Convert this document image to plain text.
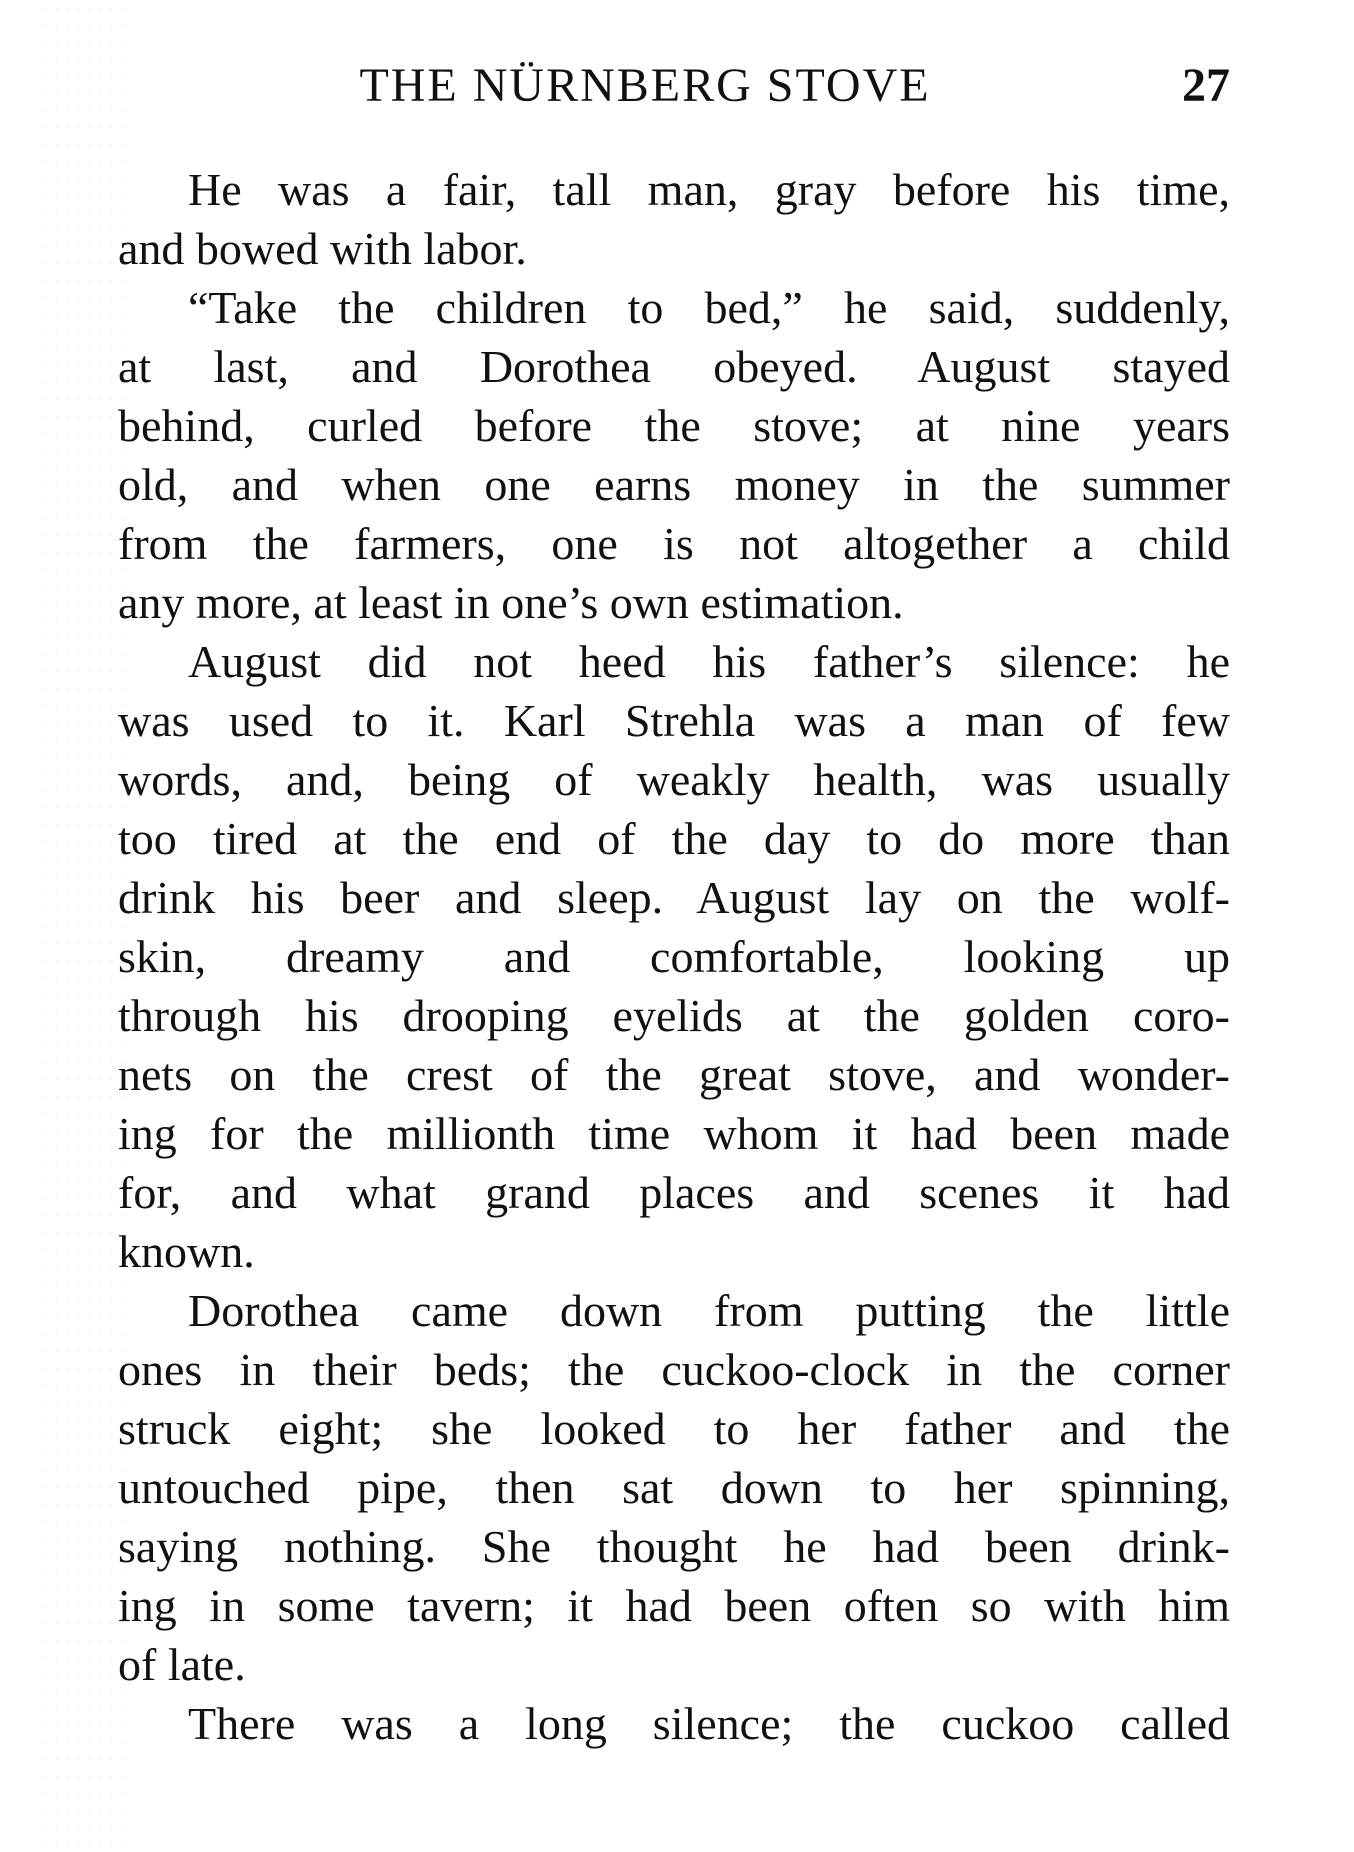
THE NÜRNBERG STOVE	27
He was a fair, tall man, gray before his time,
and bowed with labor.
“Take the children to bed,” he said, suddenly,
at last, and Dorothea obeyed. August stayed
behind, curled before the stove; at nine years
old, and when one earns money in the summer
from the farmers, one is not altogether a child
any more, at least in one’s own estimation.
August did not heed his father’s silence: he
was used to it. Karl Strehla was a man of few
words, and, being of weakly health, was usually
too tired at the end of the day to do more than
drink his beer and sleep. August lay on the wolf-
skin, dreamy and comfortable, looking up
through his drooping eyelids at the golden coro-
nets on the crest of the great stove, and wonder-
ing for the millionth time whom it had been made
for, and what grand places and scenes it had
known.
Dorothea came down from putting the little
ones in their beds; the cuckoo-clock in the corner
struck eight; she looked to her father and the
untouched pipe, then sat down to her spinning,
saying nothing. She thought he had been drink-
ing in some tavern; it had been often so with him
of late.
There was a long silence; the cuckoo called
